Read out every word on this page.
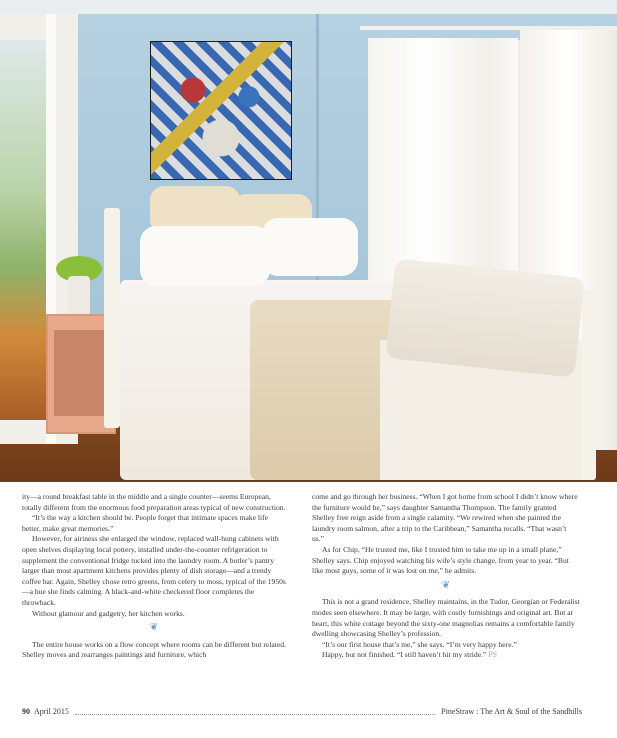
ity—a round breakfast table in the middle and a single counter—seems European, totally different from the enormous food preparation areas typical of new construction.

“It’s the way a kitchen should be. People forget that intimate spaces make life better, make great memories.”

However, for airiness she enlarged the window, replaced wall-hung cabinets with open shelves displaying local pottery, installed under-the-counter refrigeration to supplement the conventional fridge tucked into the laundry room. A butler’s pantry larger than most apartment kitchens provides plenty of dish storage—and a trendy coffee bar. Again, Shelley chose retro greens, from celery to moss, typical of the 1950s—a hue she finds calming. A black-and-white checkered floor completes the throwback.

Without glamour and gadgetry, her kitchen works.

❦

The entire house works on a flow concept where rooms can be different but related. Shelley moves and rearranges paintings and furniture, which

come and go through her business. “When I got home from school I didn’t know where the furniture would be,” says daughter Samantha Thompson. The family granted Shelley free reign aside from a single calamity. “We rewired when she painted the laundry room salmon, after a trip to the Caribbean,” Samantha recalls. “That wasn’t us.”

As for Chip, “He trusted me, like I trusted him to take me up in a small plane,” Shelley says. Chip enjoyed watching his wife’s style change, from year to year. “But like most guys, some of it was lost on me,” he admits.

❦

This is not a grand residence, Shelley maintains, in the Tudor, Georgian or Federalist modes seen elsewhere. It may be large, with costly furnishings and original art. But at heart, this white cottage beyond the sixty-one magnolias remains a comfortable family dwelling showcasing Shelley’s profession.

“It’s our first house that’s me,” she says. “I’m very happy here.”

Happy, but not finished. “I still haven’t hit my stride.” PS

90 April 2015	PineStraw : The Art & Soul of the Sandhills
